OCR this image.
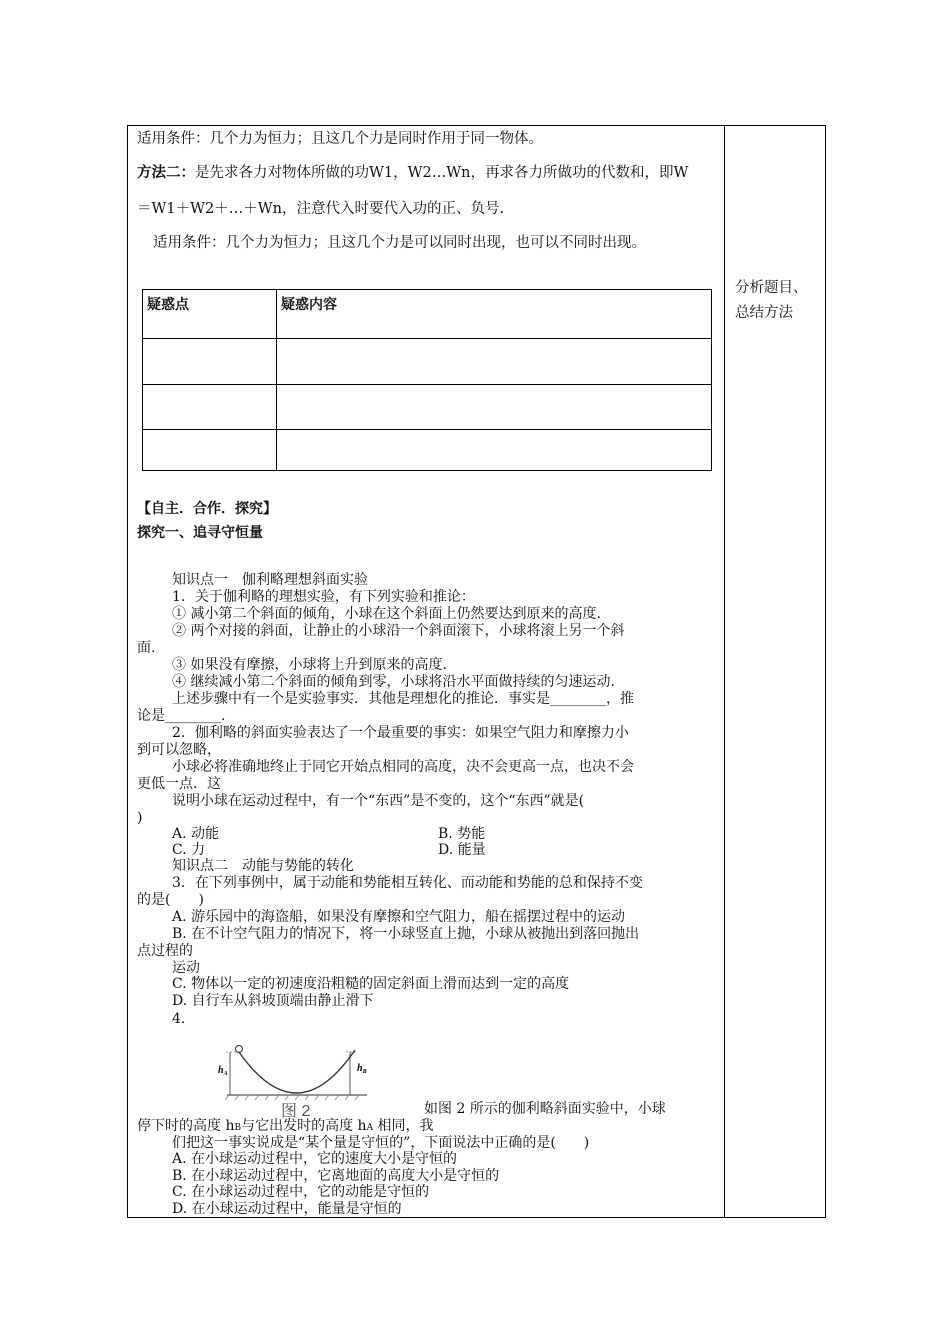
适用条件：几个力为恒力；且这几个力是同时作用于同一物体。
方法二：是先求各力对物体所做的功W1，W2…Wn，再求各力所做功的代数和，即W
＝W1＋W2＋…＋Wn，注意代入时要代入功的正、负号.
适用条件：几个力为恒力；且这几个力是可以同时出现，也可以不同时出现。
分析题目、
总结方法
疑惑点	疑惑内容

【自主．合作．探究】
探究一、追寻守恒量
知识点一　伽利略理想斜面实验
1．关于伽利略的理想实验，有下列实验和推论：
① 减小第二个斜面的倾角，小球在这个斜面上仍然要达到原来的高度.
② 两个对接的斜面，让静止的小球沿一个斜面滚下，小球将滚上另一个斜
面.
③ 如果没有摩擦，小球将上升到原来的高度.
④ 继续减小第二个斜面的倾角到零，小球将沿水平面做持续的匀速运动.
上述步骤中有一个是实验事实．其他是理想化的推论．事实是________，推
论是________.
2．伽利略的斜面实验表达了一个最重要的事实：如果空气阻力和摩擦力小
到可以忽略，
小球必将准确地终止于同它开始点相同的高度，决不会更高一点，也决不会
更低一点．这
说明小球在运动过程中，有一个“东西”是不变的，这个“东西”就是(
)
A. 动能	B. 势能
C. 力	D. 能量
知识点二　动能与势能的转化
3．在下列事例中，属于动能和势能相互转化、而动能和势能的总和保持不变
的是(　　)
A. 游乐园中的海盗船，如果没有摩擦和空气阻力，船在摇摆过程中的运动
B. 在不计空气阻力的情况下，将一小球竖直上抛，小球从被抛出到落回抛出
点过程的
运动
C. 物体以一定的初速度沿粗糙的固定斜面上滑而达到一定的高度
D. 自行车从斜坡顶端由静止滑下
4.
$h_A$	$h_B$
图 2	如图 2 所示的伽利略斜面实验中，小球
停下时的高度 hB与它出发时的高度 hA 相同，我
们把这一事实说成是“某个量是守恒的”，下面说法中正确的是(　　)
A. 在小球运动过程中，它的速度大小是守恒的
B. 在小球运动过程中，它离地面的高度大小是守恒的
C. 在小球运动过程中，它的动能是守恒的
D. 在小球运动过程中，能量是守恒的
